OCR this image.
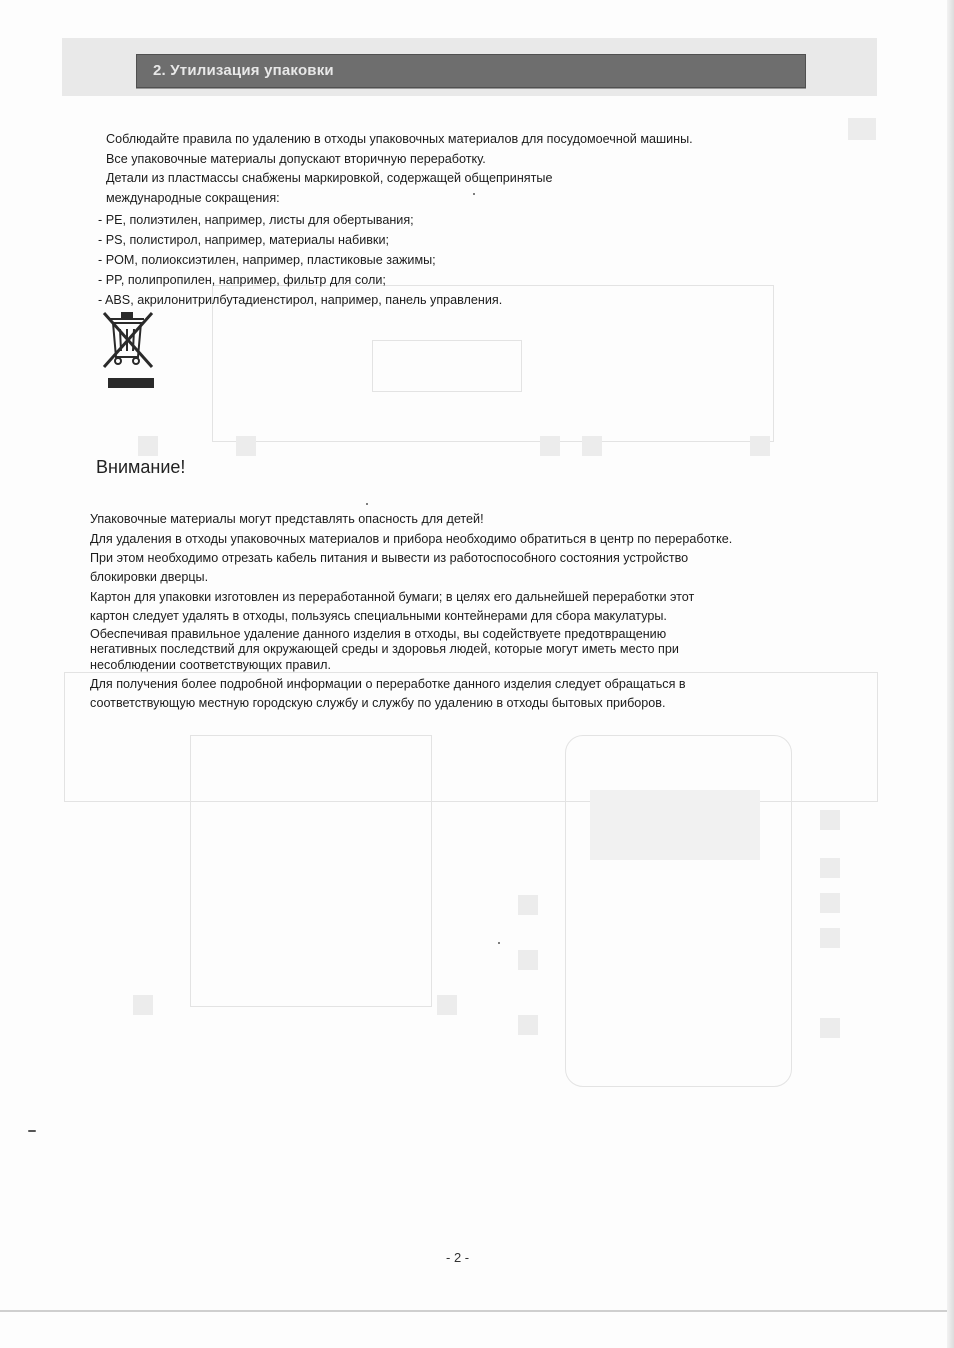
2. Утилизация упаковки
Соблюдайте правила по удалению в отходы упаковочных материалов для посудомоечной машины.
Все упаковочные материалы допускают вторичную переработку.
Детали из пластмассы снабжены маркировкой, содержащей общепринятые
международные сокращения:
- PE, полиэтилен, например, листы для обертывания;
- PS, полистирол, например, материалы набивки;
- POM, полиоксиэтилен, например, пластиковые зажимы;
- PP, полипропилен, например, фильтр для соли;
- ABS, акрилонитрилбутадиенстирол, например, панель управления.
Внимание!
Упаковочные материалы могут представлять опасность для детей!
Для удаления в отходы упаковочных материалов и прибора необходимо обратиться в центр по переработке.
При этом необходимо отрезать кабель питания и вывести из работоспособного состояния устройство
блокировки дверцы.
Картон для упаковки изготовлен из переработанной бумаги; в целях его дальнейшей переработки этот
картон следует удалять в отходы, пользуясь специальными контейнерами для сбора макулатуры.
Обеспечивая правильное удаление данного изделия в отходы, вы содействуете предотвращению
негативных последствий для окружающей среды и здоровья людей, которые могут иметь место при
несоблюдении соответствующих правил.
Для получения более подробной информации о переработке данного изделия следует обращаться в
соответствующую местную городскую службу и службу по удалению в отходы бытовых приборов.
- 2 -
